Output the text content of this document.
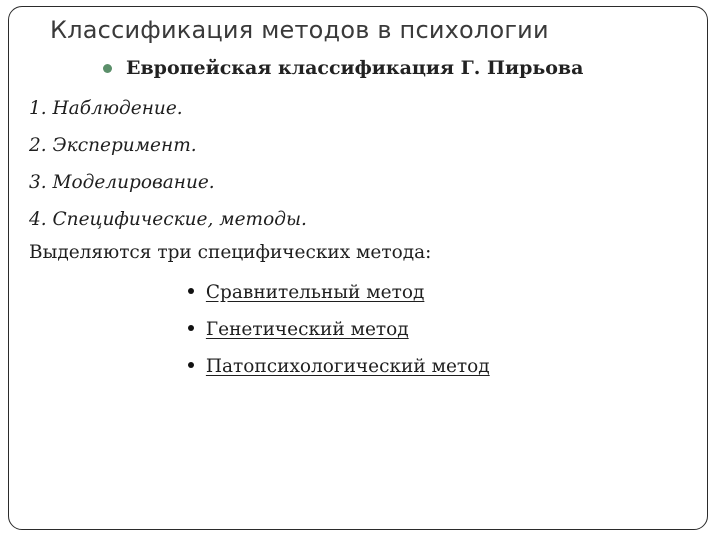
Классификация методов в психологии
Европейская классификация Г. Пирьова
1. Наблюдение.
2. Эксперимент.
3. Моделирование.
4. Специфические, методы.

Выделяются три специфических метода:

Сравнительный метод
Генетический метод
Патопсихологический метод
